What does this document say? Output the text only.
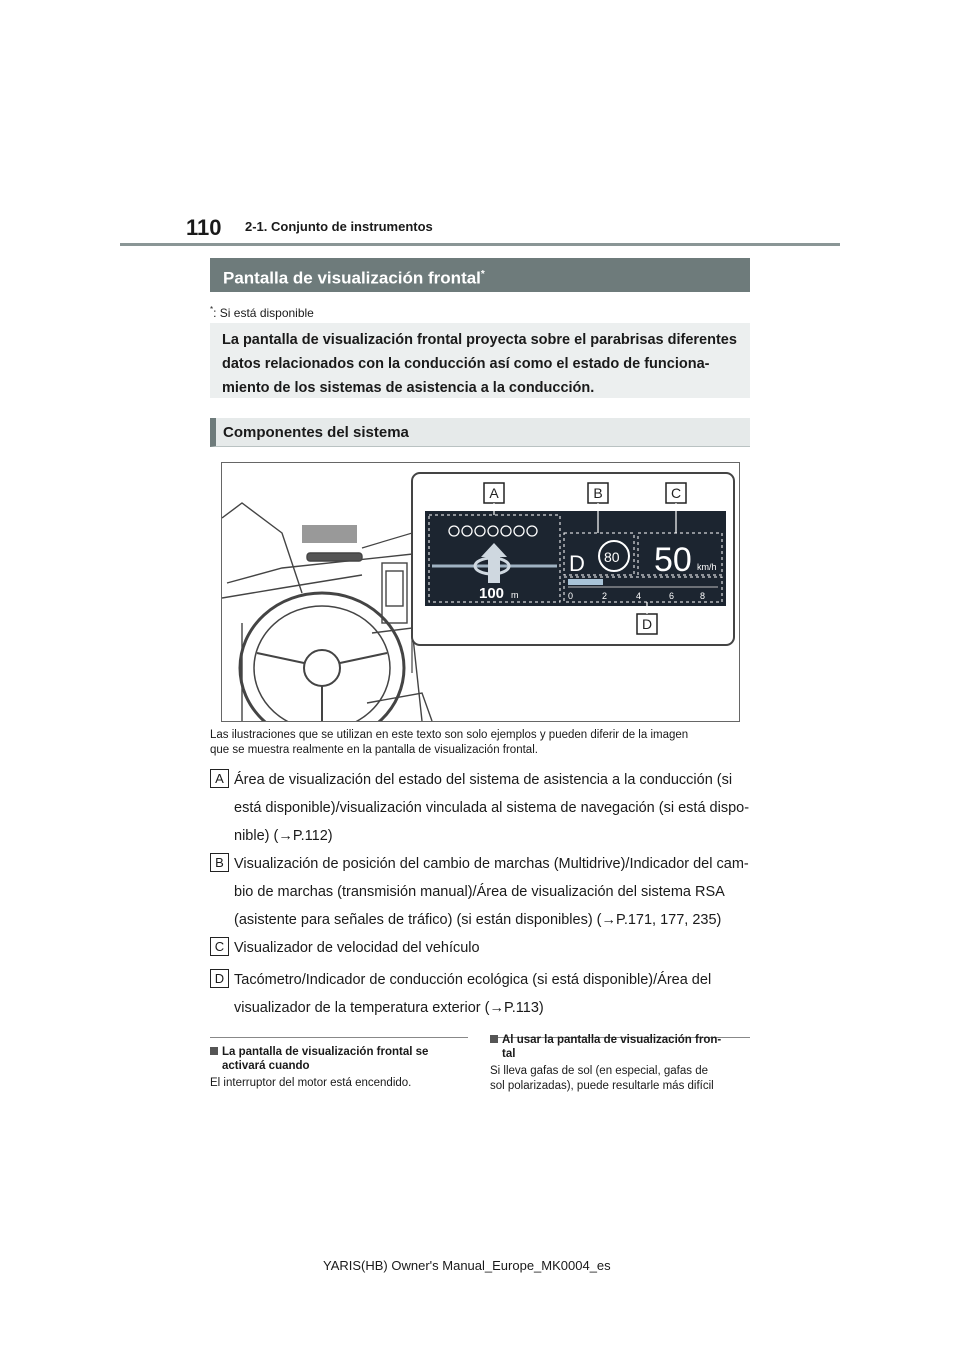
110 2-1. Conjunto de instrumentos
Pantalla de visualización frontal*
*: Si está disponible
La pantalla de visualización frontal proyecta sobre el parabrisas diferentes
datos relacionados con la conducción así como el estado de funciona-
miento de los sistemas de asistencia a la conducción.
Componentes del sistema
100 m
D 80 50 km/h
0	2	4	6	8
A	B	C
D
Las ilustraciones que se utilizan en este texto son solo ejemplos y pueden diferir de la imagen
que se muestra realmente en la pantalla de visualización frontal.
A Área de visualización del estado del sistema de asistencia a la conducción (si
está disponible)/visualización vinculada al sistema de navegación (si está dispo-
nible) (→P.112)
B Visualización de posición del cambio de marchas (Multidrive)/Indicador del cam-
bio de marchas (transmisión manual)/Área de visualización del sistema RSA
(asistente para señales de tráfico) (si están disponibles) (→P.171, 177, 235)
C Visualizador de velocidad del vehículo
D Tacómetro/Indicador de conducción ecológica (si está disponible)/Área del
visualizador de la temperatura exterior (→P.113)
La pantalla de visualización frontal se
activará cuando
El interruptor del motor está encendido.
Al usar la pantalla de visualización fron-
tal
Si lleva gafas de sol (en especial, gafas de
sol polarizadas), puede resultarle más difícil
YARIS(HB) Owner's Manual_Europe_MK0004_es
